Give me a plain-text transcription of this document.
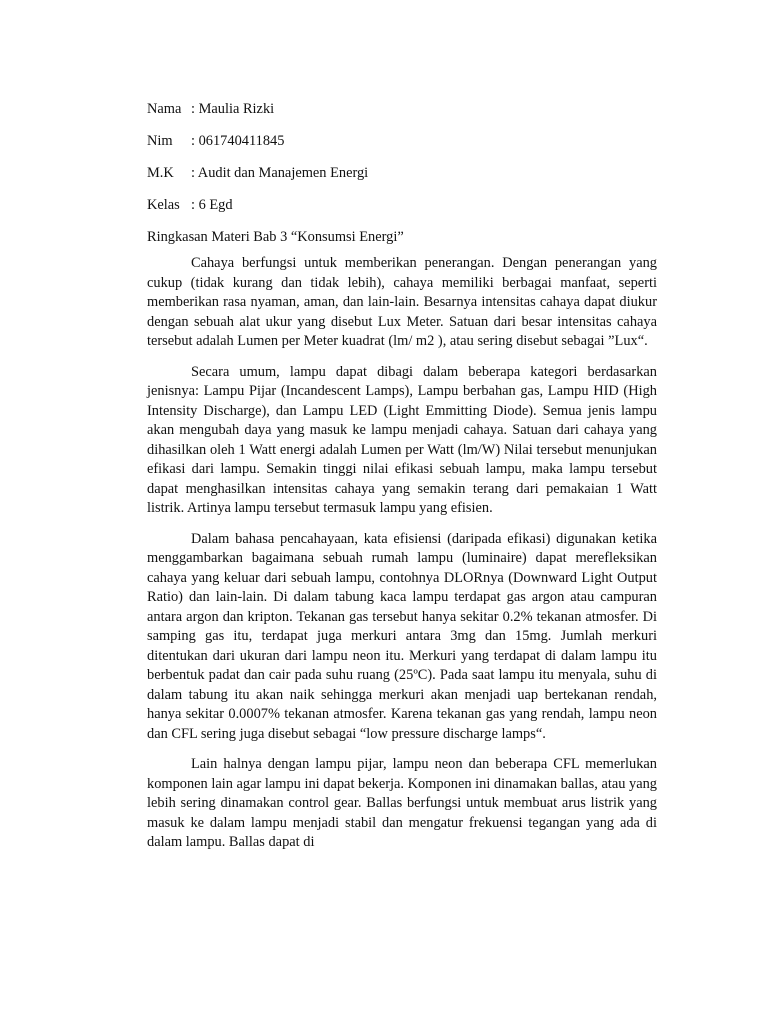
Nama : Maulia Rizki
Nim	: 061740411845
M.K	: Audit dan Manajemen Energi
Kelas : 6 Egd
Ringkasan Materi Bab 3 “Konsumsi Energi”

Cahaya berfungsi untuk memberikan penerangan. Dengan penerangan yang cukup (tidak kurang dan tidak lebih), cahaya memiliki berbagai manfaat, seperti memberikan rasa nyaman, aman, dan lain-lain. Besarnya intensitas cahaya dapat diukur dengan sebuah alat ukur yang disebut Lux Meter. Satuan dari besar intensitas cahaya tersebut adalah Lumen per Meter kuadrat (lm/ m2 ), atau sering disebut sebagai ”Lux“.

Secara umum, lampu dapat dibagi dalam beberapa kategori berdasarkan jenisnya: Lampu Pijar (Incandescent Lamps), Lampu berbahan gas, Lampu HID (High Intensity Discharge), dan Lampu LED (Light Emmitting Diode). Semua jenis lampu akan mengubah daya yang masuk ke lampu menjadi cahaya. Satuan dari cahaya yang dihasilkan oleh 1 Watt energi adalah Lumen per Watt (lm/W) Nilai tersebut menunjukan efikasi dari lampu. Semakin tinggi nilai efikasi sebuah lampu, maka lampu tersebut dapat menghasilkan intensitas cahaya yang semakin terang dari pemakaian 1 Watt listrik. Artinya lampu tersebut termasuk lampu yang efisien.

Dalam bahasa pencahayaan, kata efisiensi (daripada efikasi) digunakan ketika menggambarkan bagaimana sebuah rumah lampu (luminaire) dapat merefleksikan cahaya yang keluar dari sebuah lampu, contohnya DLORnya (Downward Light Output Ratio) dan lain-lain. Di dalam tabung kaca lampu terdapat gas argon atau campuran antara argon dan kripton. Tekanan gas tersebut hanya sekitar 0.2% tekanan atmosfer. Di samping gas itu, terdapat juga merkuri antara 3mg dan 15mg. Jumlah merkuri ditentukan dari ukuran dari lampu neon itu. Merkuri yang terdapat di dalam lampu itu berbentuk padat dan cair pada suhu ruang (25ºC). Pada saat lampu itu menyala, suhu di dalam tabung itu akan naik sehingga merkuri akan menjadi uap bertekanan rendah, hanya sekitar 0.0007% tekanan atmosfer. Karena tekanan gas yang rendah, lampu neon dan CFL sering juga disebut sebagai “low pressure discharge lamps“.

Lain halnya dengan lampu pijar, lampu neon dan beberapa CFL memerlukan komponen lain agar lampu ini dapat bekerja. Komponen ini dinamakan ballas, atau yang lebih sering dinamakan control gear. Ballas berfungsi untuk membuat arus listrik yang masuk ke dalam lampu menjadi stabil dan mengatur frekuensi tegangan yang ada di dalam lampu. Ballas dapat di
